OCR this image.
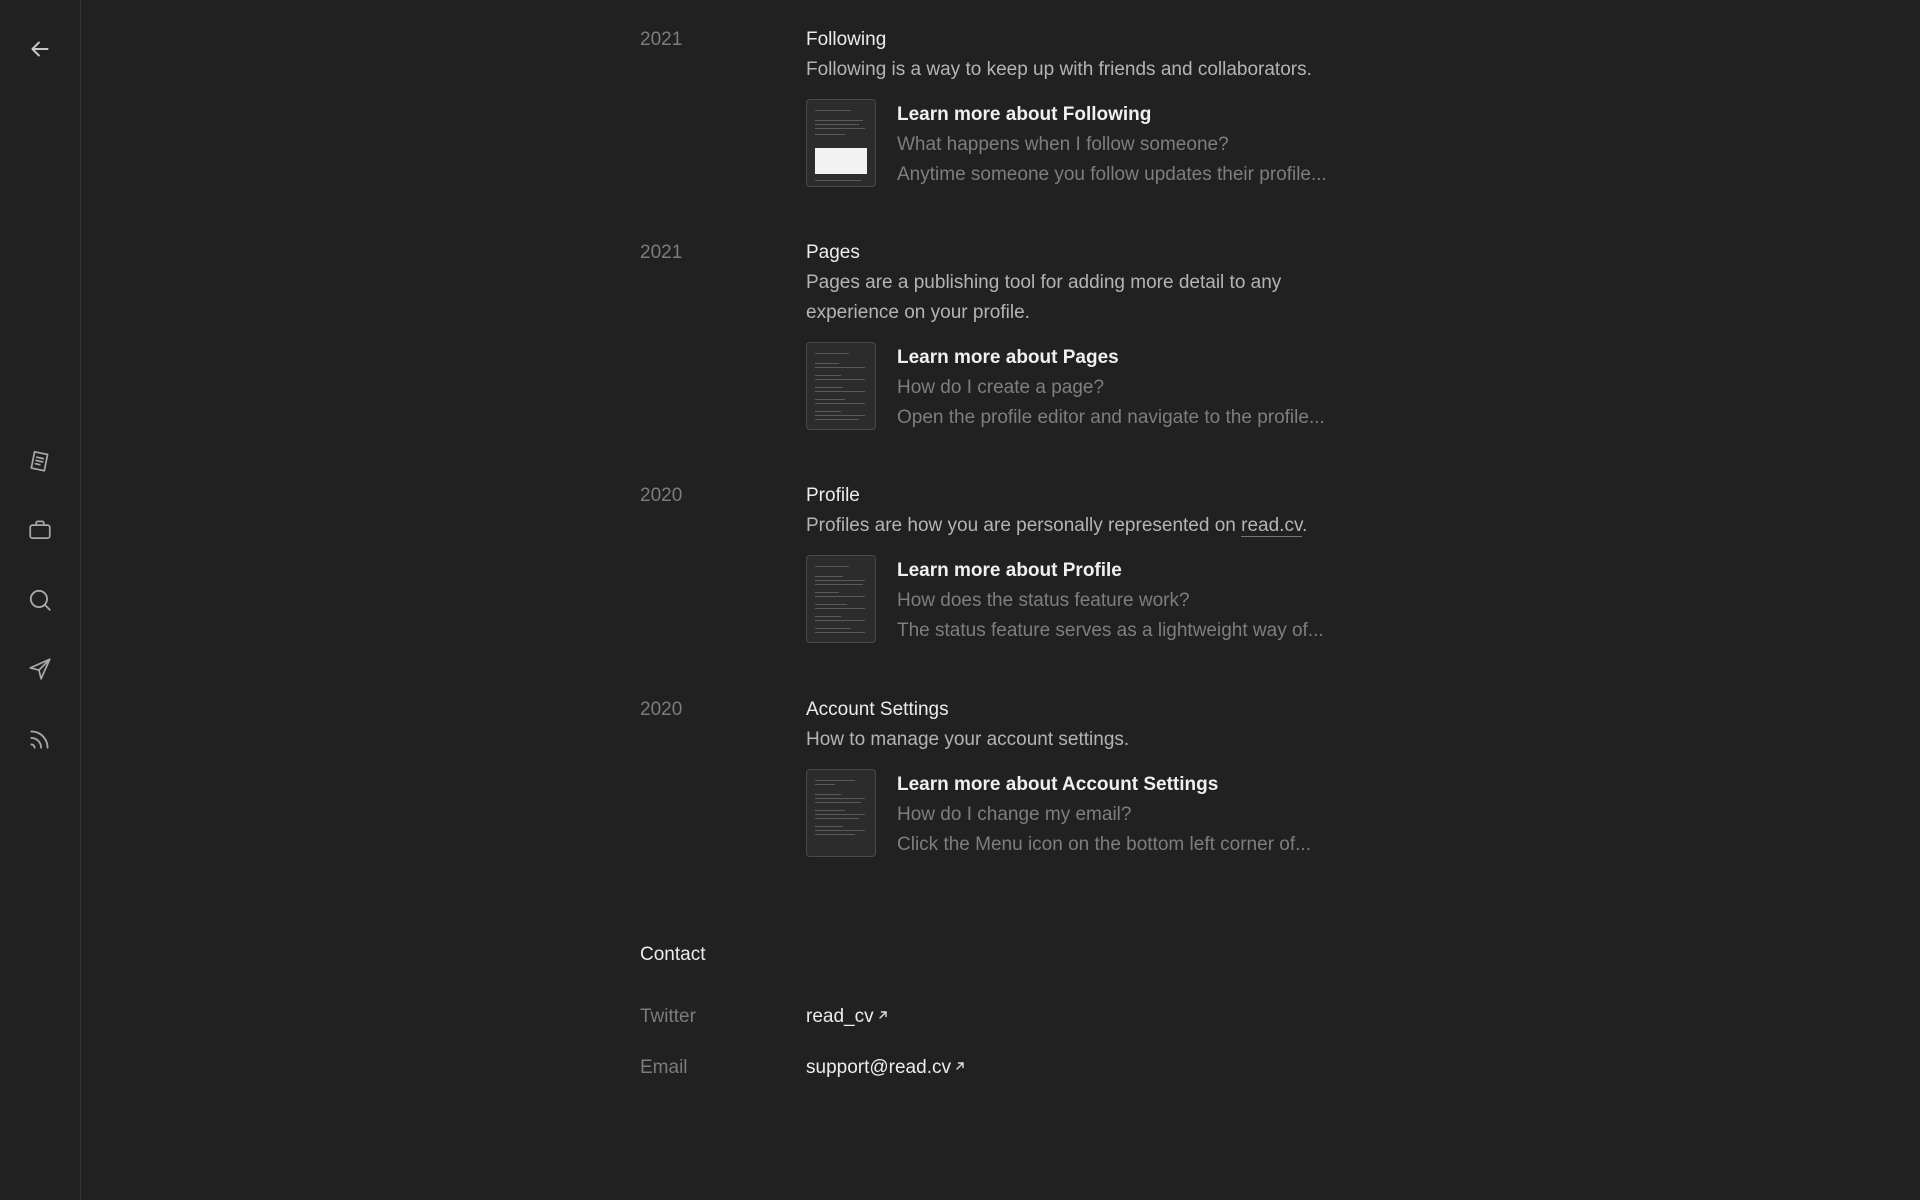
2021	Following
Following is a way to keep up with friends and collaborators.
Learn more about Following
What happens when I follow someone?
Anytime someone you follow updates their profile...
2021	Pages
Pages are a publishing tool for adding more detail to any experience on your profile.
Learn more about Pages
How do I create a page?
Open the profile editor and navigate to the profile...
2020	Profile
Profiles are how you are personally represented on read.cv.
Learn more about Profile
How does the status feature work?
The status feature serves as a lightweight way of...
2020	Account Settings
How to manage your account settings.
Learn more about Account Settings
How do I change my email?
Click the Menu icon on the bottom left corner of...
Contact
Twitter	read_cv
Email	support@read.cv
